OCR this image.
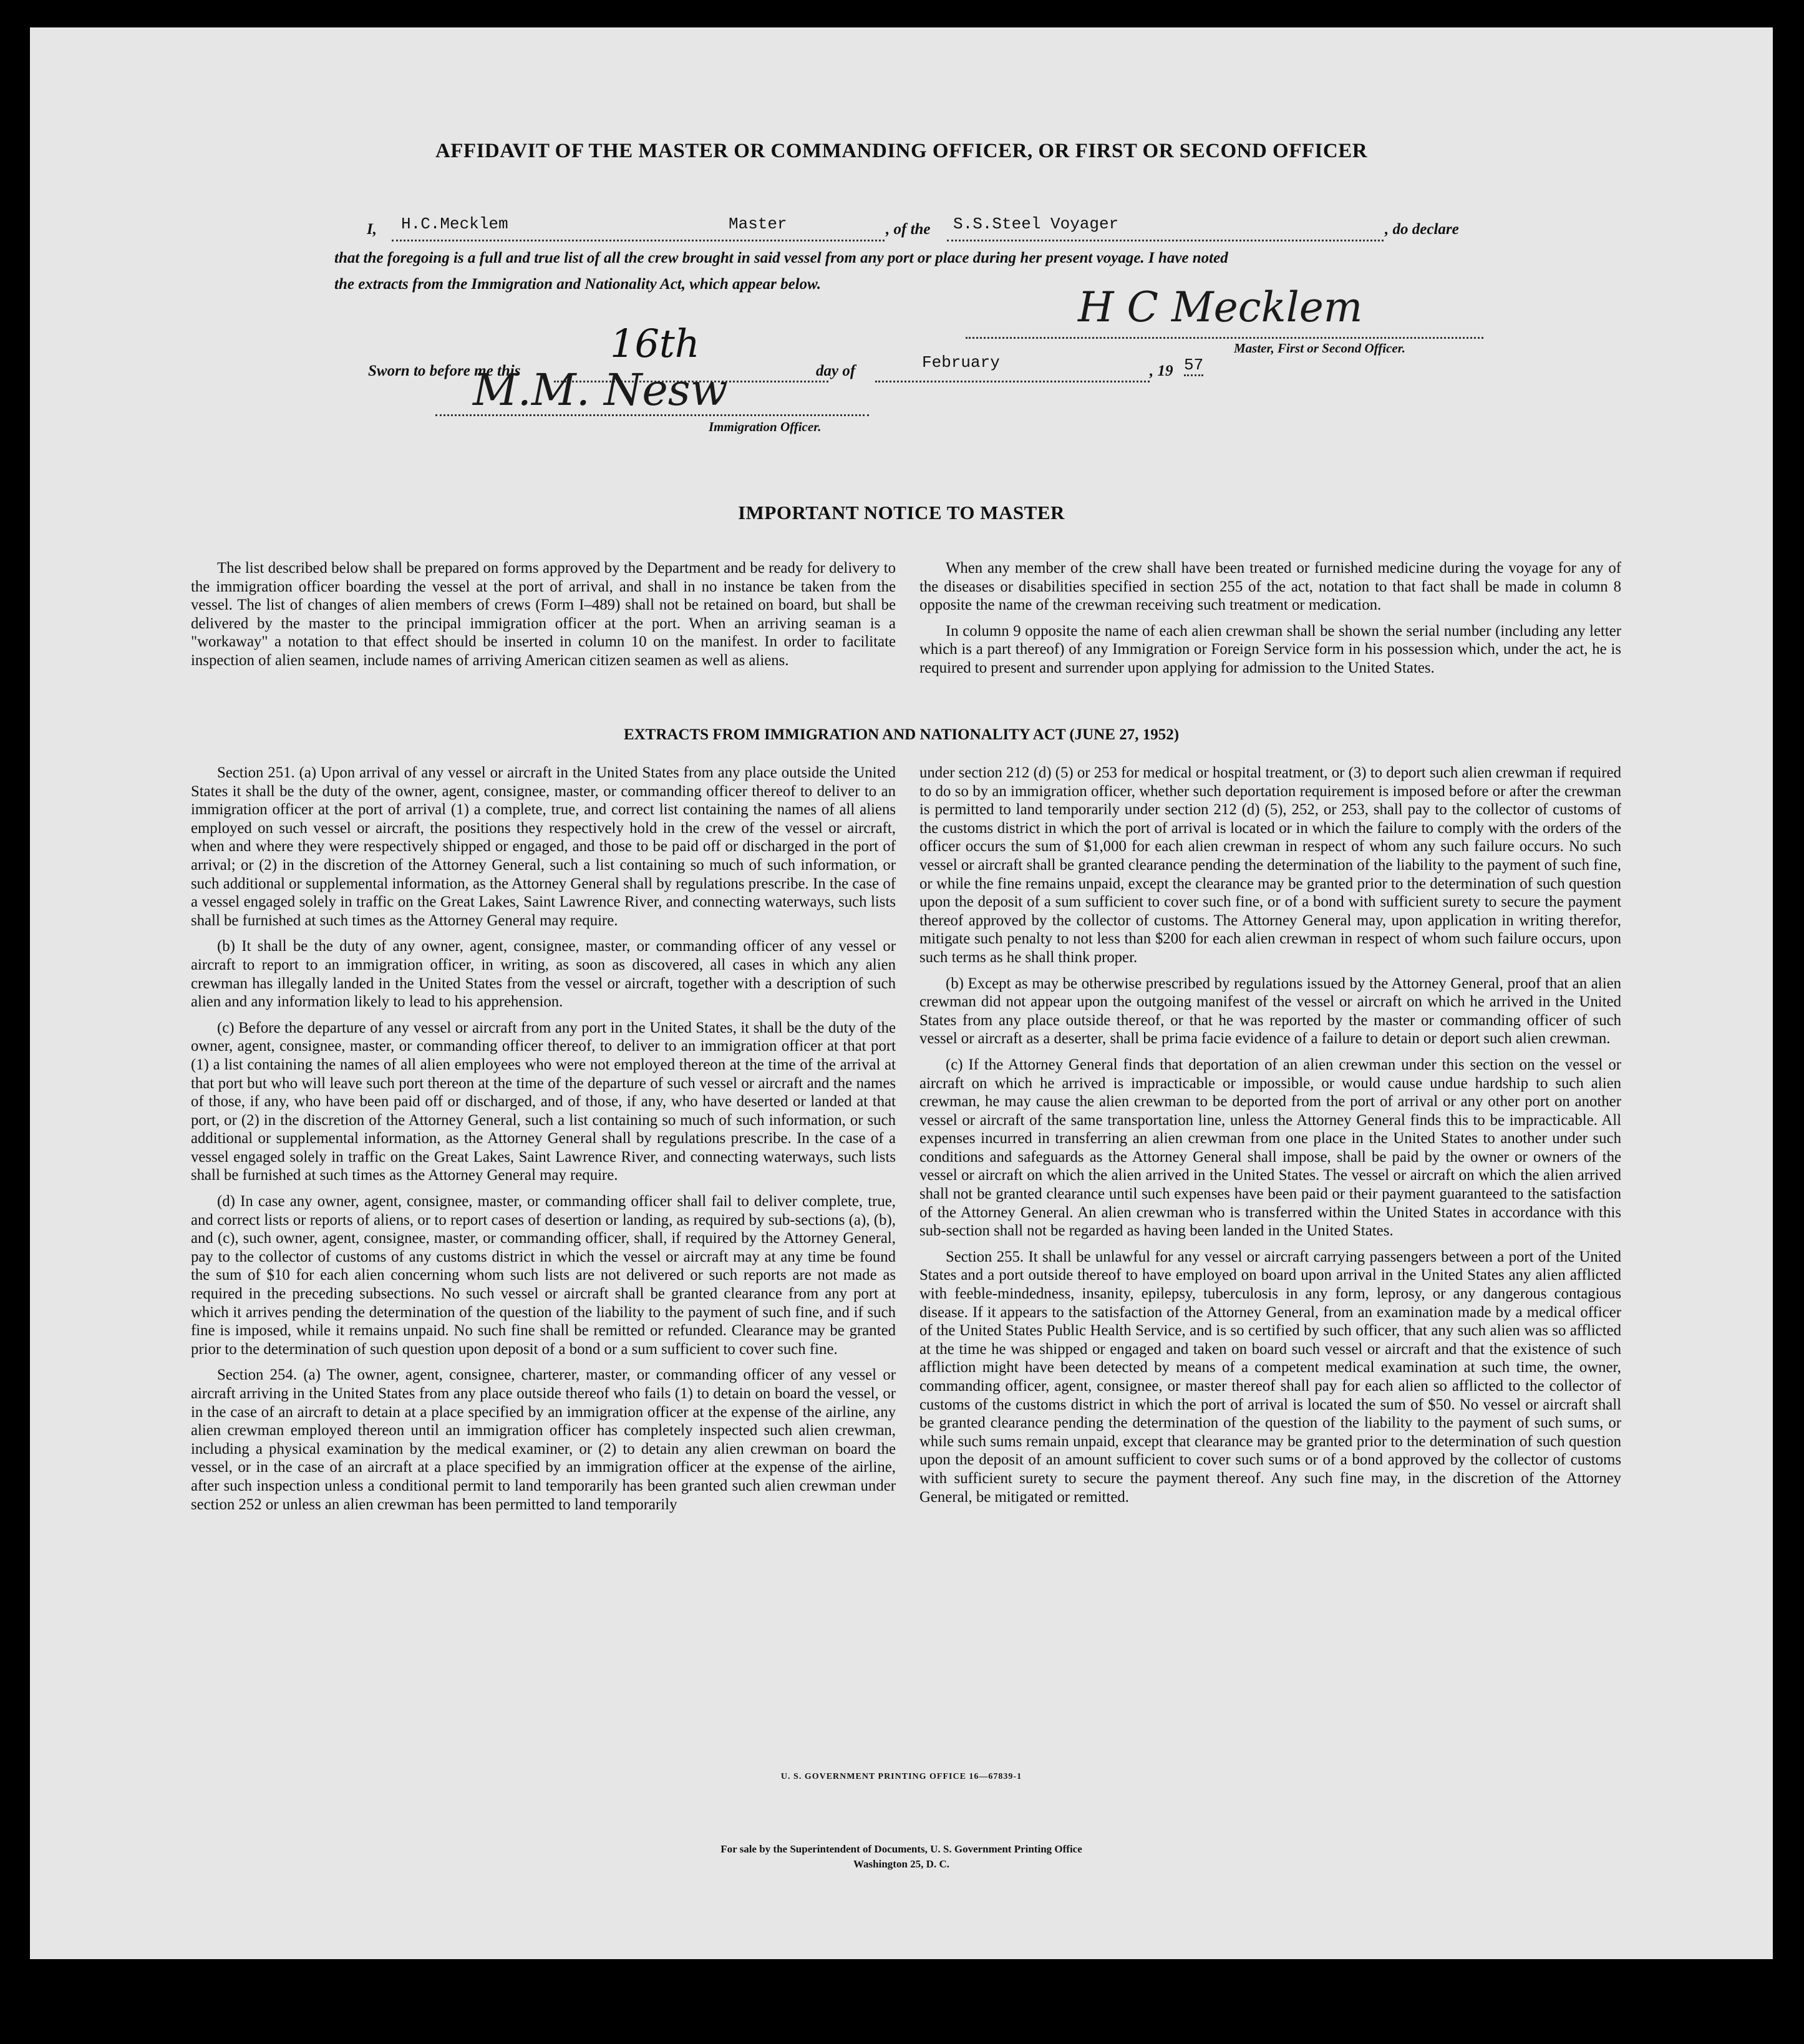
AFFIDAVIT OF THE MASTER OR COMMANDING OFFICER, OR FIRST OR SECOND OFFICER
I, H.C.Mecklem	Master	, of the S.S.Steel Voyager	, do declare
that the foregoing is a full and true list of all the crew brought in said vessel from any port or place during her present voyage. I have noted
the extracts from the Immigration and Nationality Act, which appear below.	H C Mecklem
Master, First or Second Officer.
Sworn to before me this
16th
day of	February	, 19 57
M.M. Nesw
Immigration Officer.
IMPORTANT NOTICE TO MASTER

The list described below shall be prepared on forms approved by the Department and be ready for delivery to the immigration officer boarding the vessel at the port of arrival, and shall in no instance be taken from the vessel. The list of changes of alien members of crews (Form I–489) shall not be retained on board, but shall be delivered by the master to the principal immigration officer at the port. When an arriving seaman is a "workaway" a notation to that effect should be inserted in column 10 on the manifest. In order to facilitate inspection of alien seamen, include names of arriving American citizen seamen as well as aliens.

When any member of the crew shall have been treated or furnished medicine during the voyage for any of the diseases or disabilities specified in section 255 of the act, notation to that fact shall be made in column 8 opposite the name of the crewman receiving such treatment or medication.

In column 9 opposite the name of each alien crewman shall be shown the serial number (including any letter which is a part thereof) of any Immigration or Foreign Service form in his possession which, under the act, he is required to present and surrender upon applying for admission to the United States.

EXTRACTS FROM IMMIGRATION AND NATIONALITY ACT (JUNE 27, 1952)

Section 251. (a) Upon arrival of any vessel or aircraft in the United States from any place outside the United States it shall be the duty of the owner, agent, consignee, master, or commanding officer thereof to deliver to an immigration officer at the port of arrival (1) a complete, true, and correct list containing the names of all aliens employed on such vessel or aircraft, the positions they respectively hold in the crew of the vessel or aircraft, when and where they were respectively shipped or engaged, and those to be paid off or discharged in the port of arrival; or (2) in the discretion of the Attorney General, such a list containing so much of such information, or such additional or supplemental information, as the Attorney General shall by regulations prescribe. In the case of a vessel engaged solely in traffic on the Great Lakes, Saint Lawrence River, and connecting waterways, such lists shall be furnished at such times as the Attorney General may require.

(b) It shall be the duty of any owner, agent, consignee, master, or commanding officer of any vessel or aircraft to report to an immigration officer, in writing, as soon as discovered, all cases in which any alien crewman has illegally landed in the United States from the vessel or aircraft, together with a description of such alien and any information likely to lead to his apprehension.

(c) Before the departure of any vessel or aircraft from any port in the United States, it shall be the duty of the owner, agent, consignee, master, or commanding officer thereof, to deliver to an immigration officer at that port (1) a list containing the names of all alien employees who were not employed thereon at the time of the arrival at that port but who will leave such port thereon at the time of the departure of such vessel or aircraft and the names of those, if any, who have been paid off or discharged, and of those, if any, who have deserted or landed at that port, or (2) in the discretion of the Attorney General, such a list containing so much of such information, or such additional or supplemental information, as the Attorney General shall by regulations prescribe. In the case of a vessel engaged solely in traffic on the Great Lakes, Saint Lawrence River, and connecting waterways, such lists shall be furnished at such times as the Attorney General may require.

(d) In case any owner, agent, consignee, master, or commanding officer shall fail to deliver complete, true, and correct lists or reports of aliens, or to report cases of desertion or landing, as required by sub-sections (a), (b), and (c), such owner, agent, consignee, master, or commanding officer, shall, if required by the Attorney General, pay to the collector of customs of any customs district in which the vessel or aircraft may at any time be found the sum of $10 for each alien concerning whom such lists are not delivered or such reports are not made as required in the preceding subsections. No such vessel or aircraft shall be granted clearance from any port at which it arrives pending the determination of the question of the liability to the payment of such fine, and if such fine is imposed, while it remains unpaid. No such fine shall be remitted or refunded. Clearance may be granted prior to the determination of such question upon deposit of a bond or a sum sufficient to cover such fine.

Section 254. (a) The owner, agent, consignee, charterer, master, or commanding officer of any vessel or aircraft arriving in the United States from any place outside thereof who fails (1) to detain on board the vessel, or in the case of an aircraft to detain at a place specified by an immigration officer at the expense of the airline, any alien crewman employed thereon until an immigration officer has completely inspected such alien crewman, including a physical examination by the medical examiner, or (2) to detain any alien crewman on board the vessel, or in the case of an aircraft at a place specified by an immigration officer at the expense of the airline, after such inspection unless a conditional permit to land temporarily has been granted such alien crewman under section 252 or unless an alien crewman has been permitted to land temporarily

under section 212 (d) (5) or 253 for medical or hospital treatment, or (3) to deport such alien crewman if required to do so by an immigration officer, whether such deportation requirement is imposed before or after the crewman is permitted to land temporarily under section 212 (d) (5), 252, or 253, shall pay to the collector of customs of the customs district in which the port of arrival is located or in which the failure to comply with the orders of the officer occurs the sum of $1,000 for each alien crewman in respect of whom any such failure occurs. No such vessel or aircraft shall be granted clearance pending the determination of the liability to the payment of such fine, or while the fine remains unpaid, except the clearance may be granted prior to the determination of such question upon the deposit of a sum sufficient to cover such fine, or of a bond with sufficient surety to secure the payment thereof approved by the collector of customs. The Attorney General may, upon application in writing therefor, mitigate such penalty to not less than $200 for each alien crewman in respect of whom such failure occurs, upon such terms as he shall think proper.

(b) Except as may be otherwise prescribed by regulations issued by the Attorney General, proof that an alien crewman did not appear upon the outgoing manifest of the vessel or aircraft on which he arrived in the United States from any place outside thereof, or that he was reported by the master or commanding officer of such vessel or aircraft as a deserter, shall be prima facie evidence of a failure to detain or deport such alien crewman.

(c) If the Attorney General finds that deportation of an alien crewman under this section on the vessel or aircraft on which he arrived is impracticable or impossible, or would cause undue hardship to such alien crewman, he may cause the alien crewman to be deported from the port of arrival or any other port on another vessel or aircraft of the same transportation line, unless the Attorney General finds this to be impracticable. All expenses incurred in transferring an alien crewman from one place in the United States to another under such conditions and safeguards as the Attorney General shall impose, shall be paid by the owner or owners of the vessel or aircraft on which the alien arrived in the United States. The vessel or aircraft on which the alien arrived shall not be granted clearance until such expenses have been paid or their payment guaranteed to the satisfaction of the Attorney General. An alien crewman who is transferred within the United States in accordance with this sub-section shall not be regarded as having been landed in the United States.

Section 255. It shall be unlawful for any vessel or aircraft carrying passengers between a port of the United States and a port outside thereof to have employed on board upon arrival in the United States any alien afflicted with feeble-mindedness, insanity, epilepsy, tuberculosis in any form, leprosy, or any dangerous contagious disease. If it appears to the satisfaction of the Attorney General, from an examination made by a medical officer of the United States Public Health Service, and is so certified by such officer, that any such alien was so afflicted at the time he was shipped or engaged and taken on board such vessel or aircraft and that the existence of such affliction might have been detected by means of a competent medical examination at such time, the owner, commanding officer, agent, consignee, or master thereof shall pay for each alien so afflicted to the collector of customs of the customs district in which the port of arrival is located the sum of $50. No vessel or aircraft shall be granted clearance pending the determination of the question of the liability to the payment of such sums, or while such sums remain unpaid, except that clearance may be granted prior to the determination of such question upon the deposit of an amount sufficient to cover such sums or of a bond approved by the collector of customs with sufficient surety to secure the payment thereof. Any such fine may, in the discretion of the Attorney General, be mitigated or remitted.

U. S. GOVERNMENT PRINTING OFFICE 16—67839-1
For sale by the Superintendent of Documents, U. S. Government Printing Office
Washington 25, D. C.
